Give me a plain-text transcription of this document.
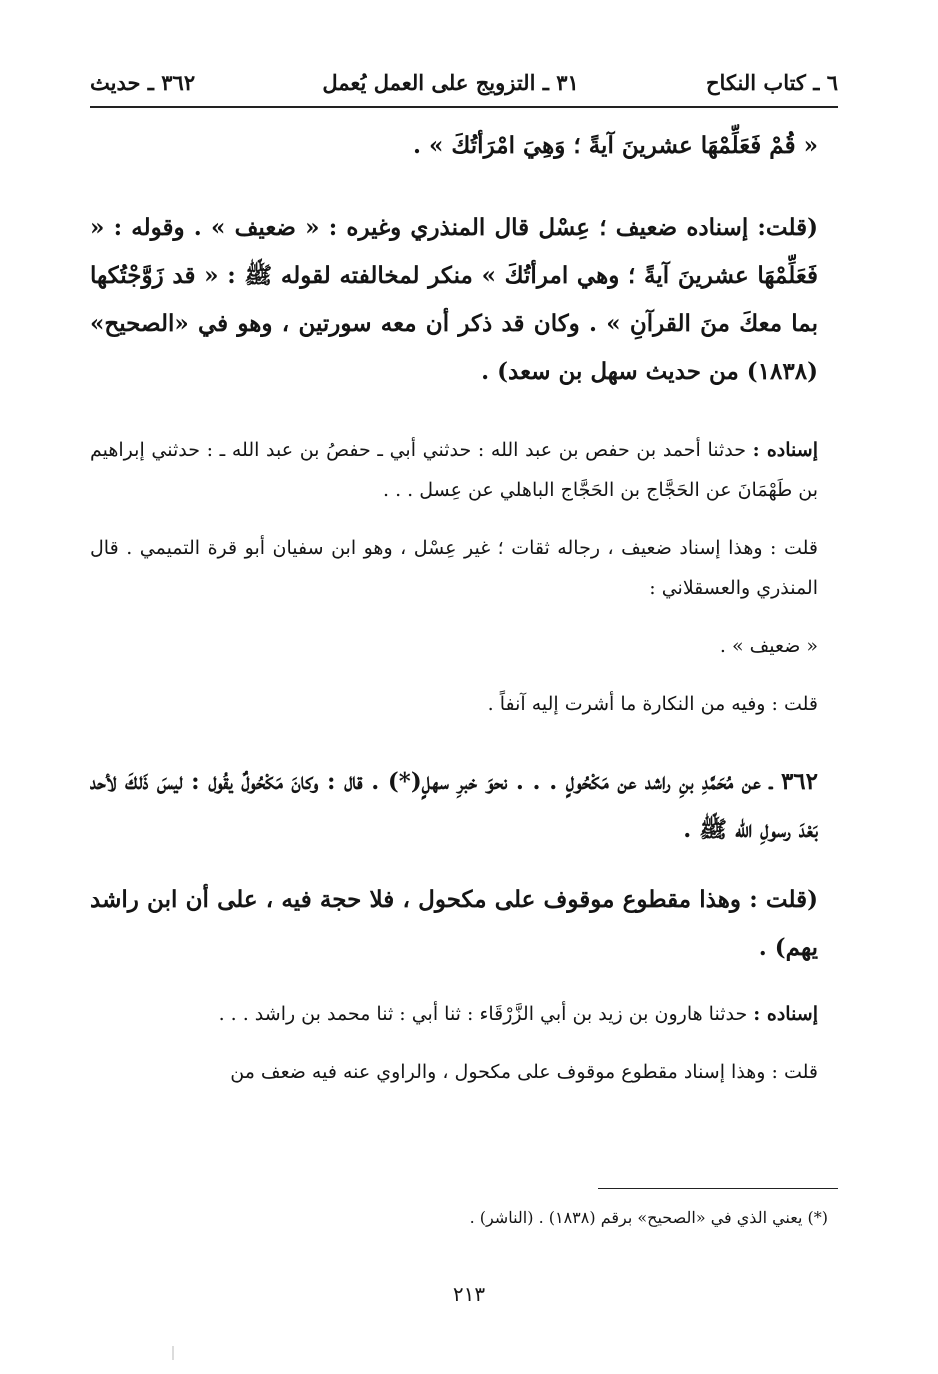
٦ ـ كتاب النكاح
٣١ ـ التزويج على العمل يُعمل
٣٦٢ ـ حديث

« قُمْ فَعَلِّمْهَا عشرينَ آيةً ؛ وَهِيَ امْرَأتُكَ » .

(قلت: إسناده ضعيف ؛ عِسْل قال المنذري وغيره : « ضعيف » . وقوله : « فَعَلِّمْهَا عشرينَ آيةً ؛ وهي امرأتُكَ » منكر لمخالفته لقوله ﷺ : « قد زَوَّجْتُكها بما معكَ منَ القرآنِ » . وكان قد ذكر أن معه سورتين ، وهو في «الصحيح» (١٨٣٨) من حديث سهل بن سعد) .

إسناده : حدثنا أحمد بن حفص بن عبد الله : حدثني أبي ـ حفصُ بن عبد الله ـ : حدثني إبراهيم بن طَهْمَانَ عن الحَجَّاج بن الحَجَّاج الباهلي عن عِسل . . .

قلت : وهذا إسناد ضعيف ، رجاله ثقات ؛ غير عِسْل ، وهو ابن سفيان أبو قرة التميمي . قال المنذري والعسقلاني :

« ضعيف » .

قلت : وفيه من النكارة ما أشرت إليه آنفاً .

٣٦٢ ـ عن مُحَمَّدِ بنِ راشد عن مَكْحُولٍ . . . نحوَ خبرِ سهلٍ(*) . قال : وكانَ مَكْحُولٌ يقُول : ليسَ ذَلكَ لأحد بَعْدَ رسولِ الله ﷺ .

(قلت : وهذا مقطوع موقوف على مكحول ، فلا حجة فيه ، على أن ابن راشد يهم) .

إسناده : حدثنا هارون بن زيد بن أبي الزَّرْقَاء : ثنا أبي : ثنا محمد بن راشد . . .

قلت : وهذا إسناد مقطوع موقوف على مكحول ، والراوي عنه فيه ضعف من

(*) يعني الذي في «الصحيح» برقم (١٨٣٨) . (الناشر) .
٢١٣
